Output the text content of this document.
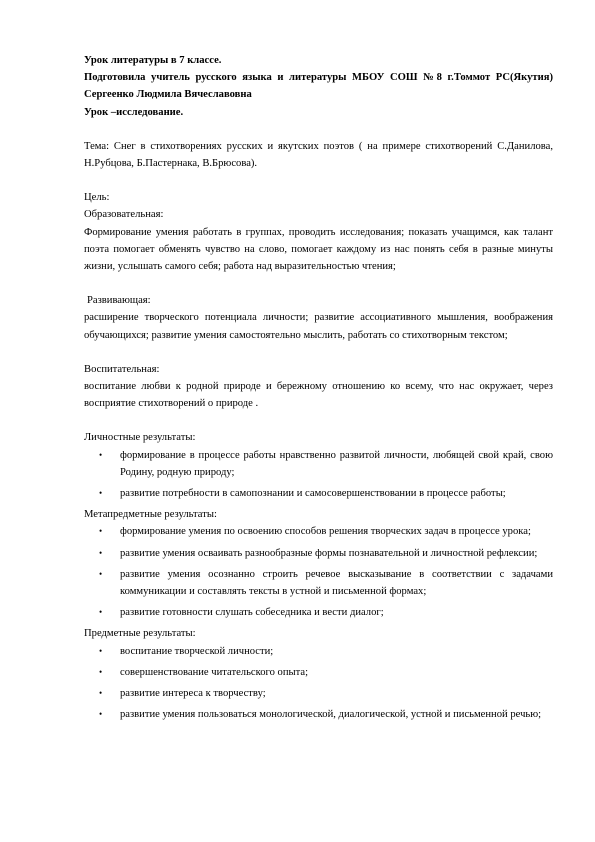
Урок литературы в 7 классе.

Подготовила учитель русского языка и литературы МБОУ СОШ №8 г.Томмот РС(Якутия) Сергеенко Людмила Вячеславовна

Урок –исследование.

Тема: Снег в стихотворениях русских и якутских поэтов ( на примере стихотворений С.Данилова, Н.Рубцова, Б.Пастернака, В.Брюсова).

Цель:

Образовательная:

Формирование умения работать в группах, проводить исследования; показать учащимся, как талант поэта помогает обменять чувство на слово, помогает каждому из нас понять себя в разные минуты жизни, услышать самого себя; работа над выразительностью чтения;

Развивающая:

расширение творческого потенциала личности; развитие ассоциативного мышления, воображения обучающихся; развитие умения самостоятельно мыслить, работать со стихотворным текстом;

Воспитательная:

воспитание любви к родной природе и бережному отношению ко всему, что нас окружает, через восприятие стихотворений о природе .

Личностные результаты:

• формирование в процессе работы нравственно развитой личности, любящей свой край, свою Родину, родную природу;
• развитие потребности в самопознании и самосовершенствовании в процессе работы;

Метапредметные результаты:

• формирование умения по освоению способов решения творческих задач в процессе урока;
• развитие умения осваивать разнообразные формы познавательной и личностной рефлексии;
• развитие умения осознанно строить речевое высказывание в соответствии с задачами коммуникации и составлять тексты в устной и письменной формах;
• развитие готовности слушать собеседника и вести диалог;

Предметные результаты:

• воспитание творческой личности;
• совершенствование читательского опыта;
• развитие интереса к творчеству;
• развитие умения пользоваться монологической, диалогической, устной и письменной речью;
